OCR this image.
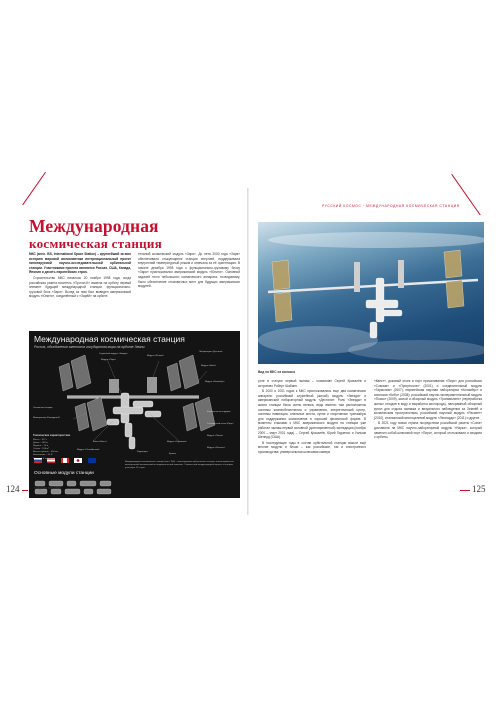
Международная
космическая станция

МКС (англ. ISS, International Space Station) – крупнейший за всю историю мировой космонавтики интернациональный проект пилотируемой научно-исследовательской орбитальной станции. Участниками проекта являются Россия, США, Канада, Япония и десять европейских стран.

Строительство МКС началось 20 ноября 1998 года, когда российская ракета-носитель «Протон-К» вывела на орбиту первый элемент будущей международной станции, функционально-грузовой блок «Заря». Вслед за ним был выведен американский модуль «Юнити», соединённый с «Зарёй» на орбите.

тельный космический модуль «Заря». До лета 2000 года «Заря» обеспечивала стыкующиеся станции энергией, поддерживала внутренний температурный режим и отвечала за её ориентацию. В начале декабря 1998 года к функционально-грузовому блоку «Заря» пристыковался американский модуль «Юнити». Основной задачей этого небольшого космического аппарата, по-видимому, было обеспечение стыковочных мест для будущих американских модулей.

Международная космическая станция
Россия, объединение агентств государства мира на орбите Земли
Служебный модуль «Звезда»
Модуль «Заря»
Модуль «Юнити»
Лаборатория «Дестини»
Модуль «Кибо»
Модуль «Коламбус»
Солнечные батареи
Манипулятор «Канадарм-2»
Шлюз «Квест»	Модуль «Гармония»
Ферменная конструкция
Стыковочный отсек «Пирс»
Модуль «Поиск»
Модуль «Рассвет»
Радиаторы
Модуль «Спокойствие»
Купола
Технические характеристики
Масса – 417 т
Длина – 109 м
Ширина – 73 м
Объём – 916 м³
Высота орбиты – 400 км
Наклонение – 51,6°
6

Основные модули станции
Международная космическая станция (англ. ISS) – пилотируемая орбитальная станция, используемая как многоцелевой космический исследовательский комплекс. Совместный международный проект, в котором участвуют 14 стран.
124	Устройство МКС
РУССКИЙ КОСМОС · МЕЖДУНАРОДНАЯ КОСМИЧЕСКАЯ СТАНЦИЯ
Вид на МКС из космоса

роте в статусе первый экипаж – космонавт Сергей Крикалёв и астронавт Роберт Шабанн.

В 2000 и 2001 годах к МКС пристыковались еще два космических аппарата: российский служебный (жилой) модуль «Звезда» и американский лабораторный модуль «Дестини». Роль «Звезды» в жизни станции была очень велика, ведь именно там расположены системы жизнеобеспечения и управления, энергетический центр, системы навигации, спальные места, кухня и спортивные тренажёры для поддержания космонавтов в хорошей физической форме. В моменты стыковки к МКС американского модуля на станции уже работал экипаж первой основной (долговременной) экспедиции (ноябрь 2000 – март 2001 года) – Сергей Крикалёв, Юрий Гидзенко и Уильям Шеперд (США).

В последующие годы в состав орбитальной станции вошли ещё многие модули и блоки – как российские, так и иностранного производства: универсальная шлюзовая камера

«Квест», доковый отсек и порт причаливания «Пирс» для российских «Союзов» и «Прогрессов» (2001) и соединительный модуль «Гармония» (2007); европейская научная лаборатория «Коламбус» и японская «Кибо» (2008); российский научно-экспериментальный модуль «Поиск» (2009), жилой и обзорный модуль «Транквилити» (переработка жилых отходов в воду и выработка кислорода), панорамный обзорный купол для отдыха экипажа и визуального наблюдения за Землёй и космическим пространством, российский научный модуль «Рассвет» (2010), итальянский многоцелевой модуль «Леонардо» (2011) и другие.

В 2021 году новая страна посредством российской ракеты «Союз» доставила на МКС научно-лабораторный модуль «Наука», который заменил собой шлюзовой порт «Пирс», который отстыковали и сводили с орбиты.

125
